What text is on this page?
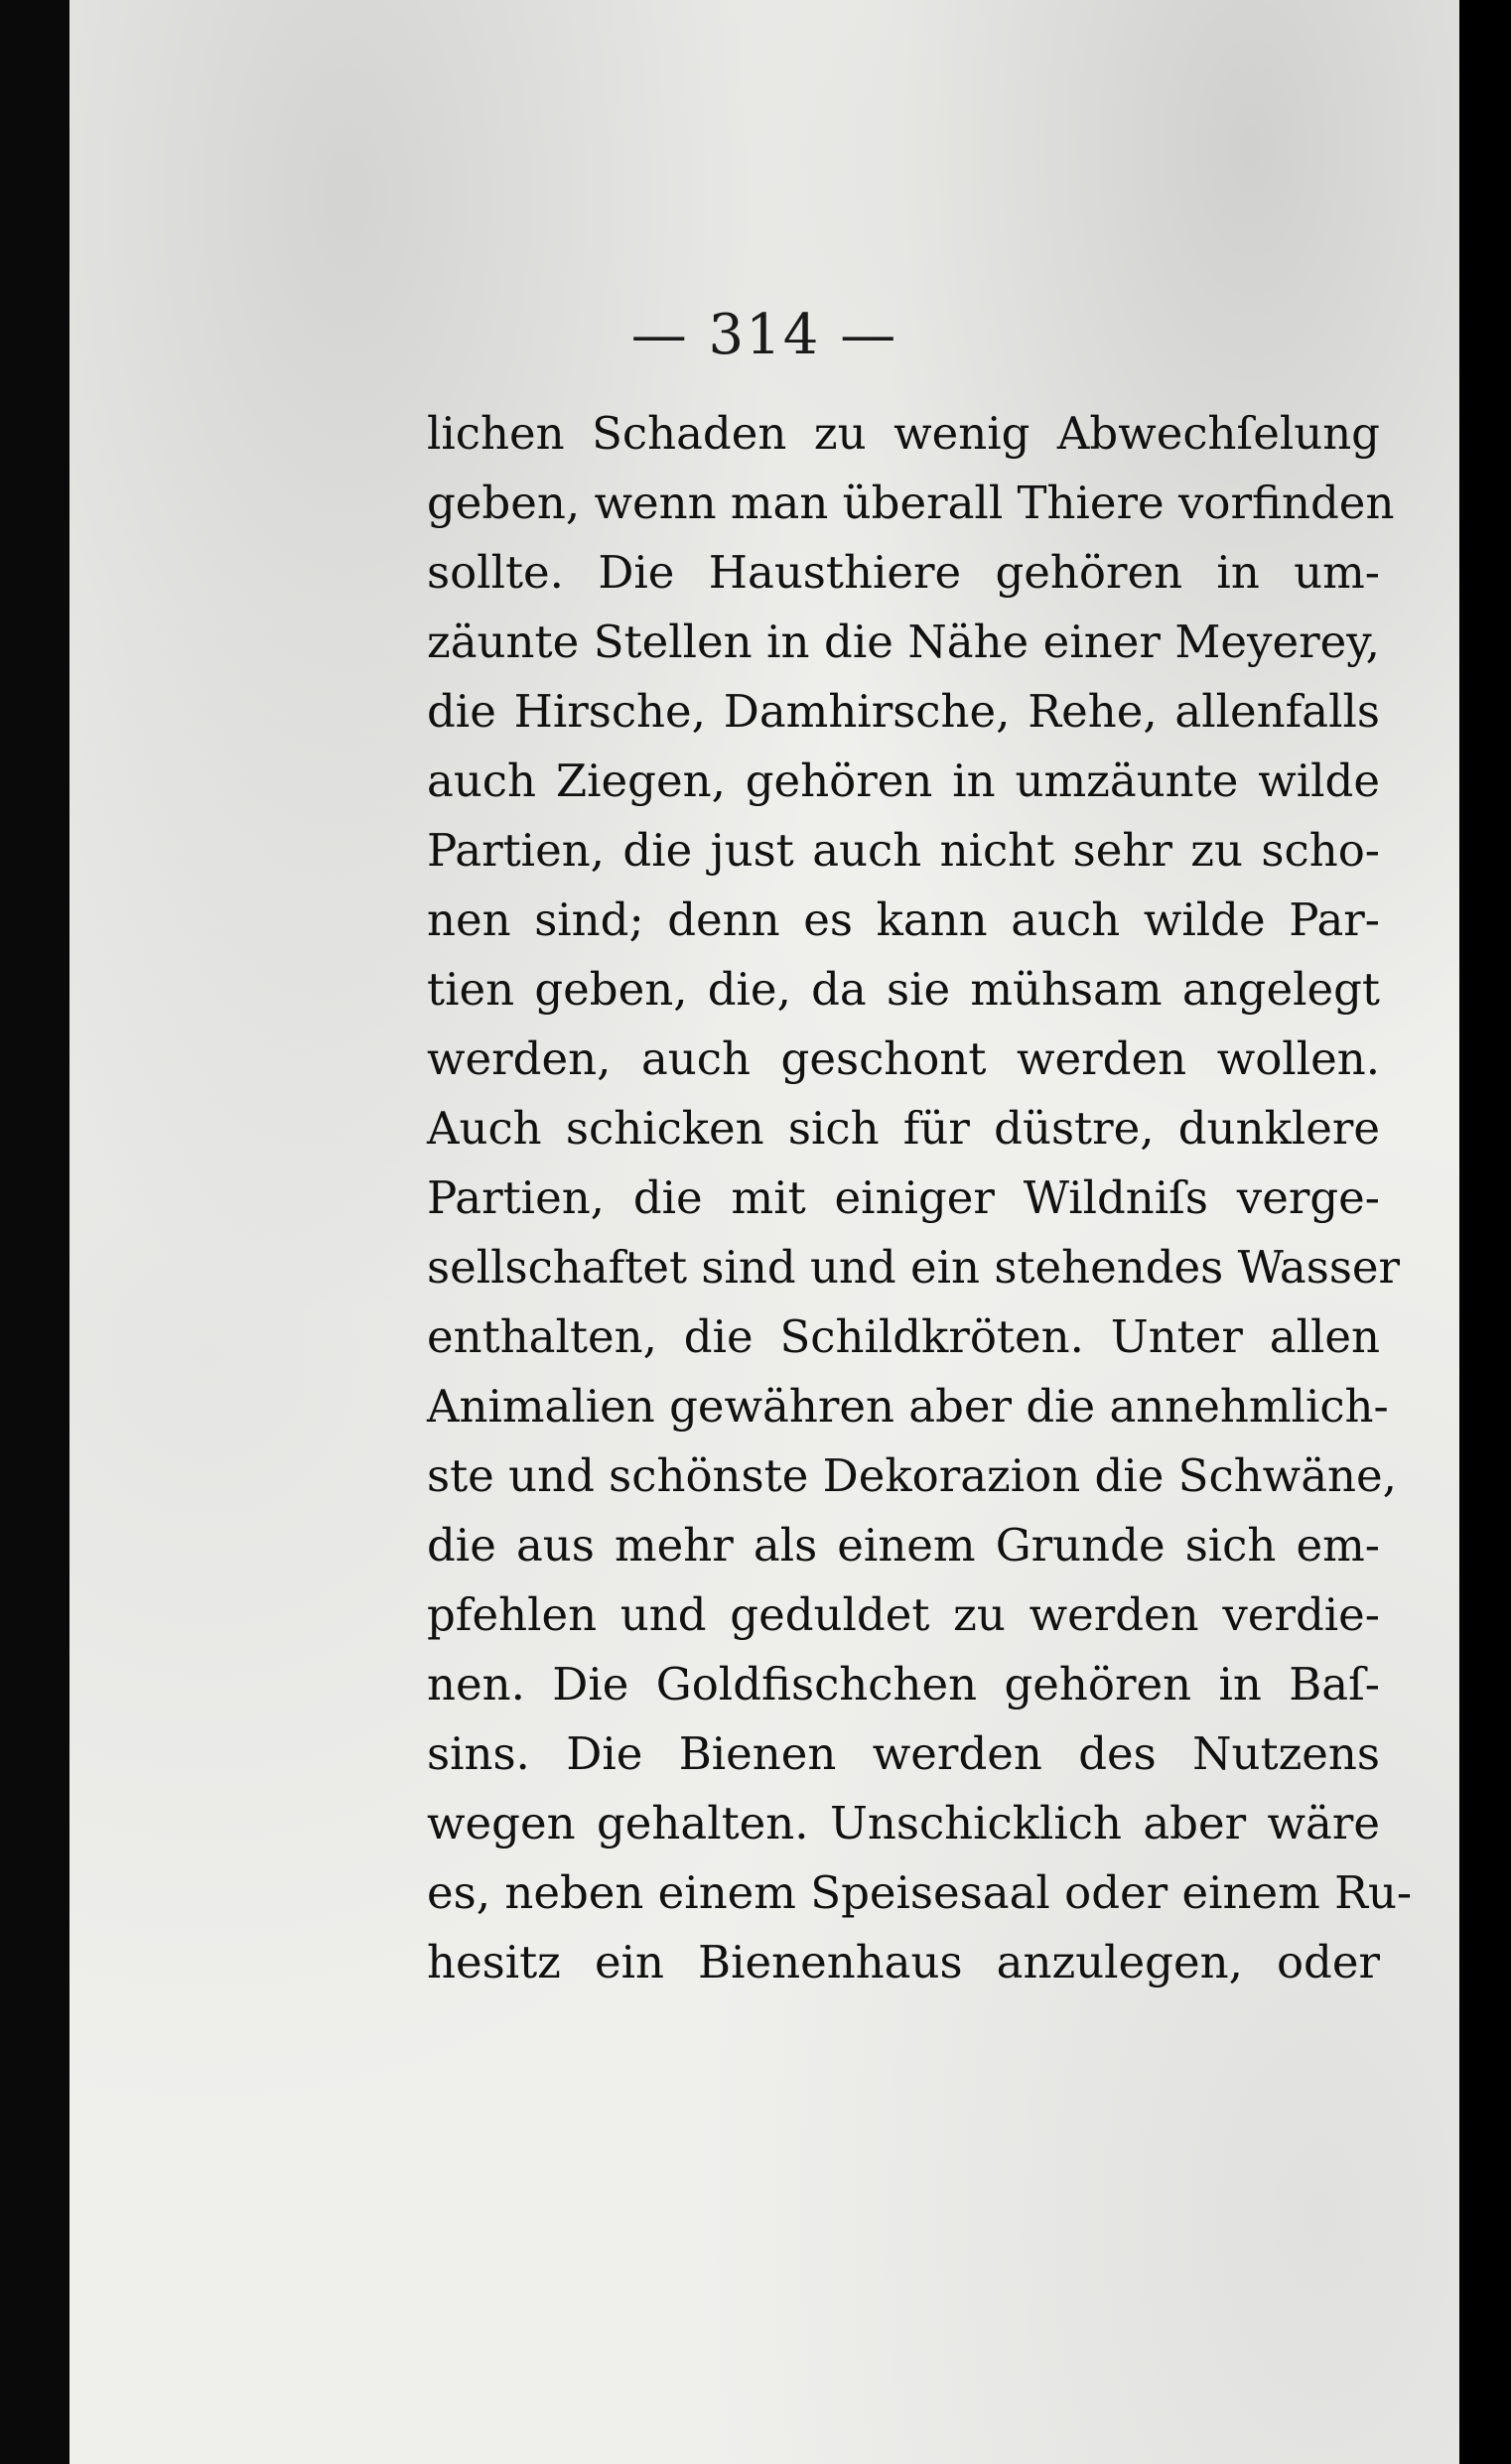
— 314 —
lichen Schaden zu wenig Abwechſelung
geben, wenn man überall Thiere vorfinden
sollte. Die Hausthiere gehören in um-
zäunte Stellen in die Nähe einer Meyerey,
die Hirsche, Damhirsche, Rehe, allenfalls
auch Ziegen, gehören in umzäunte wilde
Partien, die just auch nicht sehr zu scho-
nen sind; denn es kann auch wilde Par-
tien geben, die, da sie mühsam angelegt
werden, auch geschont werden wollen.
Auch schicken sich für düstre, dunklere
Partien, die mit einiger Wildniſs verge-
sellschaftet sind und ein stehendes Wasser
enthalten, die Schildkröten. Unter allen
Animalien gewähren aber die annehmlich-
ste und schönste Dekorazion die Schwäne,
die aus mehr als einem Grunde sich em-
pfehlen und geduldet zu werden verdie-
nen. Die Goldfischchen gehören in Baſ-
sins. Die Bienen werden des Nutzens
wegen gehalten. Unschicklich aber wäre
es, neben einem Speisesaal oder einem Ru-
hesitz ein Bienenhaus anzulegen, oder
